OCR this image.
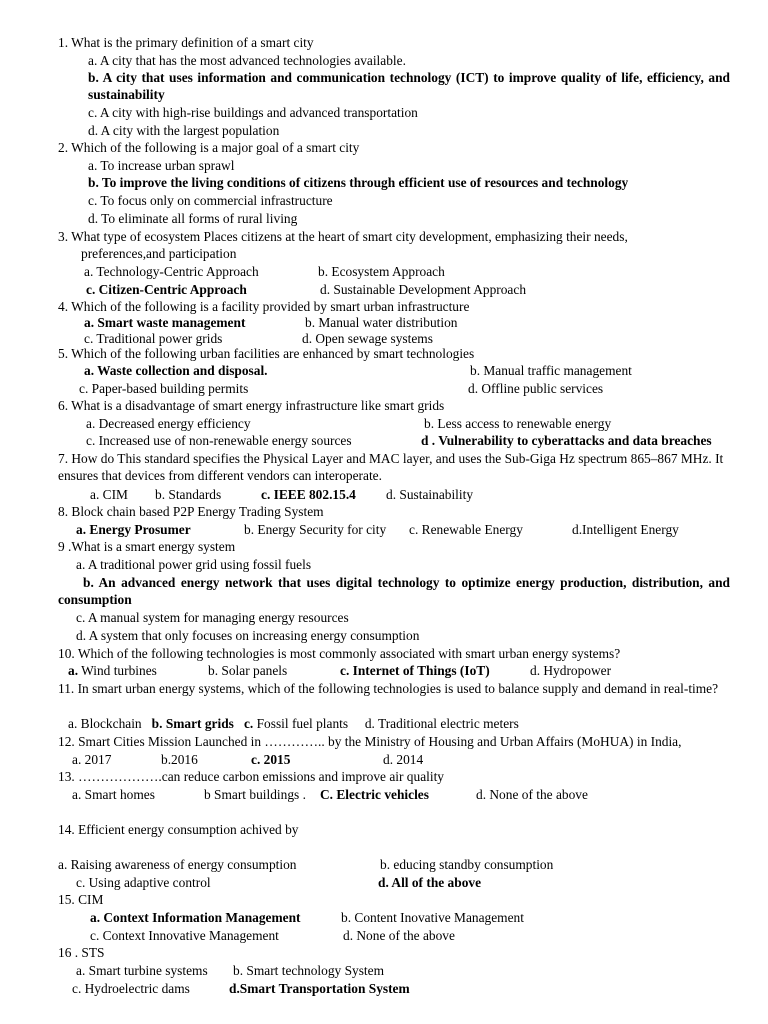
1. What is the primary definition of a smart city
a. A city that has the most advanced technologies available.
b. A city that uses information and communication technology (ICT) to improve quality of life, efficiency, and sustainability
c. A city with high-rise buildings and advanced transportation
d. A city with the largest population
2. Which of the following is a major goal of a smart city
a. To increase urban sprawl
b. To improve the living conditions of citizens through efficient use of resources and technology
c. To focus only on commercial infrastructure
d. To eliminate all forms of rural living
3. What type of ecosystem Places citizens at the heart of smart city development, emphasizing their needs, preferences,and participation
a. Technology-Centric Approach	b. Ecosystem Approach
c. Citizen-Centric Approach	d. Sustainable Development Approach
4. Which of the following is a facility provided by smart urban infrastructure
a. Smart waste management	b. Manual water distribution
c. Traditional power grids	d. Open sewage systems
5. Which of the following urban facilities are enhanced by smart technologies
a. Waste collection and disposal.	b. Manual traffic management
c. Paper-based building permits	d. Offline public services
6. What is a disadvantage of smart energy infrastructure like smart grids
a. Decreased energy efficiency	b. Less access to renewable energy
c. Increased use of non-renewable energy sources	d . Vulnerability to cyberattacks and data breaches
7. How do This standard specifies the Physical Layer and MAC layer, and uses the Sub-Giga Hz spectrum 865–867 MHz. It ensures that devices from different vendors can interoperate.
a. CIM b. Standards	c. IEEE 802.15.4 d. Sustainability
8. Block chain based P2P Energy Trading System
a. Energy Prosumer	b. Energy Security for city c. Renewable Energy	d.Intelligent Energy
9 .What is a smart energy system
a. A traditional power grid using fossil fuels
b. An advanced energy network that uses digital technology to optimize energy production, distribution, and consumption
c. A manual system for managing energy resources
d. A system that only focuses on increasing energy consumption
10. Which of the following technologies is most commonly associated with smart urban energy systems?
a. Wind turbines	b. Solar panels	c. Internet of Things (IoT)	d. Hydropower
11. In smart urban energy systems, which of the following technologies is used to balance supply and demand in real-time?
a. Blockchain b. Smart grids c. Fossil fuel plants d. Traditional electric meters
12. Smart Cities Mission Launched in ………….. by the Ministry of Housing and Urban Affairs (MoHUA) in India,
a. 2017	b.2016	c. 2015	d. 2014
13. ……………….can reduce carbon emissions and improve air quality
a. Smart homes	b Smart buildings . C. Electric vehicles	d. None of the above
14. Efficient energy consumption achived by
a. Raising awareness of energy consumption	b. educing standby consumption
c. Using adaptive control	d. All of the above
15. CIM
a. Context Information Management	b. Content Inovative Management
c. Context Innovative Management	d. None of the above
16 . STS
a. Smart turbine systems b. Smart technology System
c. Hydroelectric dams	d.Smart Transportation System
